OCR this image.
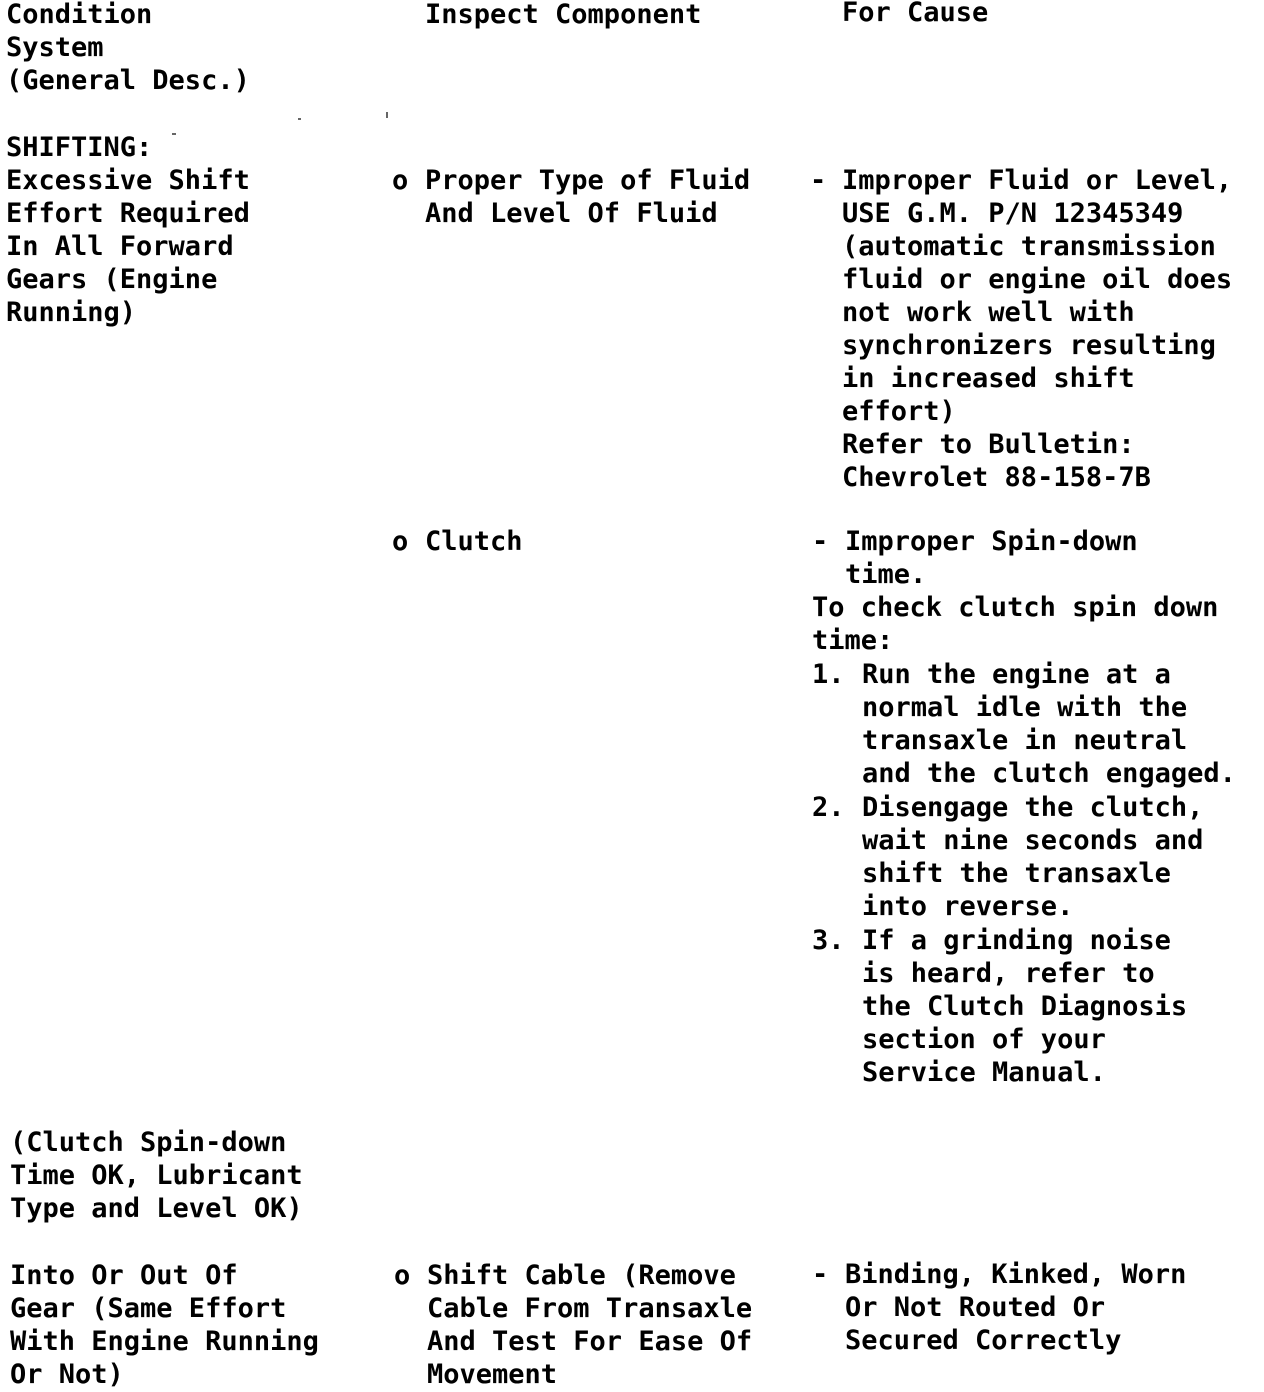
Condition
System
(General Desc.)
Inspect Component	For Cause
SHIFTING:
Excessive Shift
Effort Required
In All Forward
Gears (Engine
Running)
o Proper Type of Fluid
And Level Of Fluid
- Improper Fluid or Level,
USE G.M. P/N 12345349
(automatic transmission
fluid or engine oil does
not work well with
synchronizers resulting
in increased shift
effort)
Refer to Bulletin:
Chevrolet 88-158-7B
o Clutch	- Improper Spin-down
time.
To check clutch spin down
time:
1. Run the engine at a
normal idle with the
transaxle in neutral
and the clutch engaged.
2. Disengage the clutch,
wait nine seconds and
shift the transaxle
into reverse.
3. If a grinding noise
is heard, refer to
the Clutch Diagnosis
section of your
Service Manual.
(Clutch Spin-down
Time OK, Lubricant
Type and Level OK)
Into Or Out Of
Gear (Same Effort
With Engine Running
Or Not)
o Shift Cable (Remove
Cable From Transaxle
And Test For Ease Of
Movement
- Binding, Kinked, Worn
Or Not Routed Or
Secured Correctly
